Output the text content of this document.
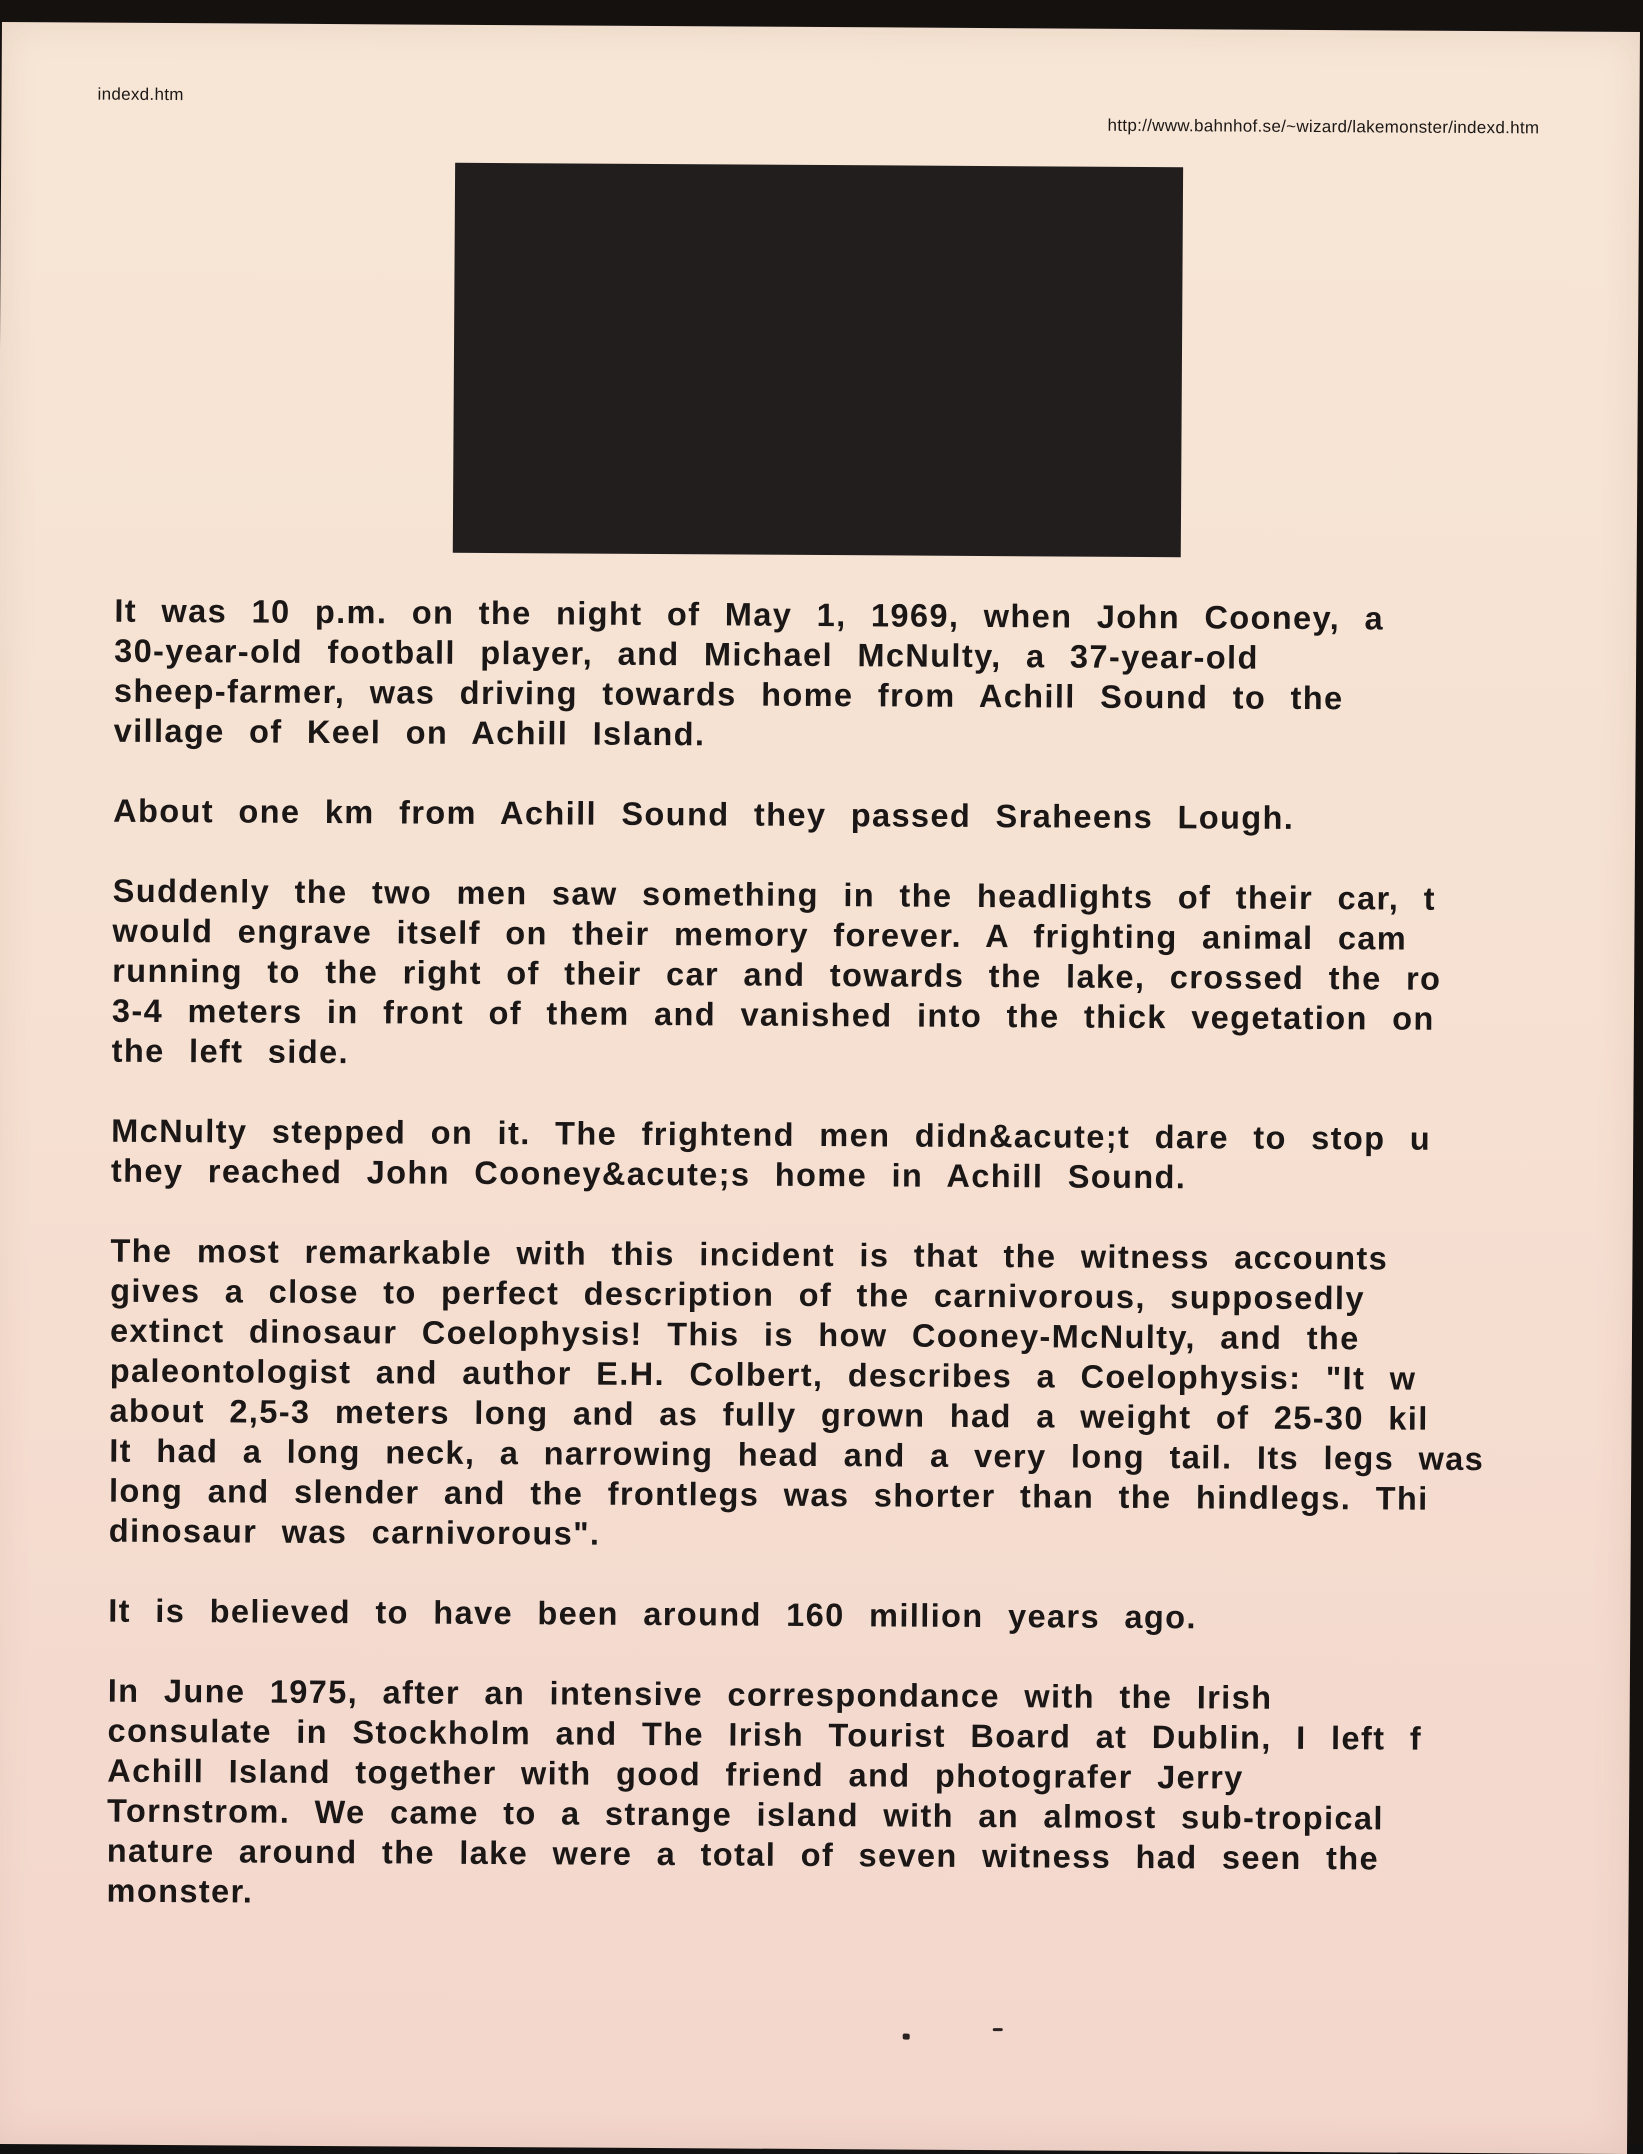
indexd.htm
http://www.bahnhof.se/~wizard/lakemonster/indexd.htm

It was 10 p.m. on the night of May 1, 1969, when John Cooney, a
30-year-old football player, and Michael McNulty, a 37-year-old
sheep-farmer, was driving towards home from Achill Sound to the
village of Keel on Achill Island.

About one km from Achill Sound they passed Sraheens Lough.

Suddenly the two men saw something in the headlights of their car, t
would engrave itself on their memory forever. A frighting animal cam
running to the right of their car and towards the lake, crossed the ro
3-4 meters in front of them and vanished into the thick vegetation on
the left side.

McNulty stepped on it. The frightend men didn&acute;t dare to stop u
they reached John Cooney&acute;s home in Achill Sound.

The most remarkable with this incident is that the witness accounts
gives a close to perfect description of the carnivorous, supposedly
extinct dinosaur Coelophysis! This is how Cooney-McNulty, and the
paleontologist and author E.H. Colbert, describes a Coelophysis: "It w
about 2,5-3 meters long and as fully grown had a weight of 25-30 kil
It had a long neck, a narrowing head and a very long tail. Its legs was
long and slender and the frontlegs was shorter than the hindlegs. Thi
dinosaur was carnivorous".

It is believed to have been around 160 million years ago.

In June 1975, after an intensive correspondance with the Irish
consulate in Stockholm and The Irish Tourist Board at Dublin, I left f
Achill Island together with good friend and photografer Jerry
Tornstrom. We came to a strange island with an almost sub-tropical
nature around the lake were a total of seven witness had seen the
monster.
